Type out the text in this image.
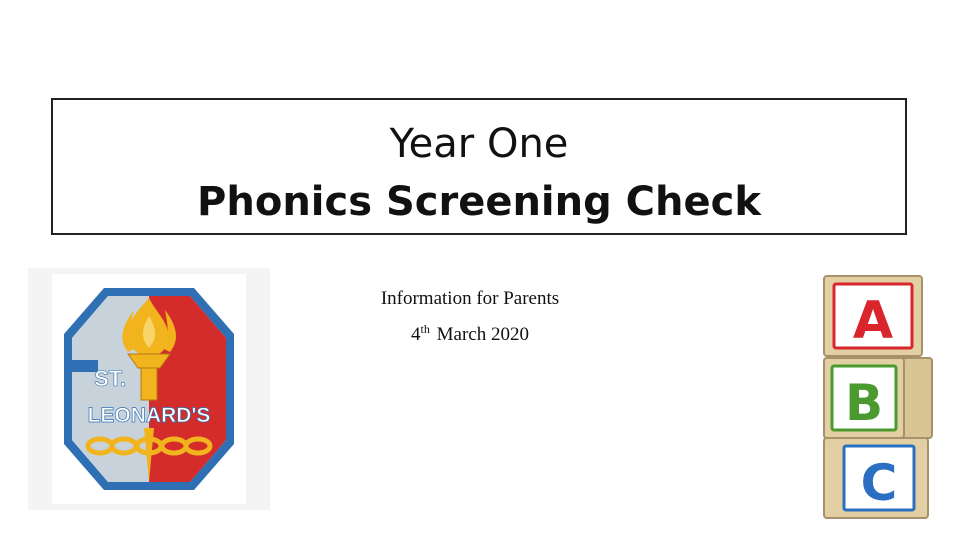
Year One
Phonics Screening Check
Information for Parents
4th March 2020
ST.
LEONARD'S
A
B
C
